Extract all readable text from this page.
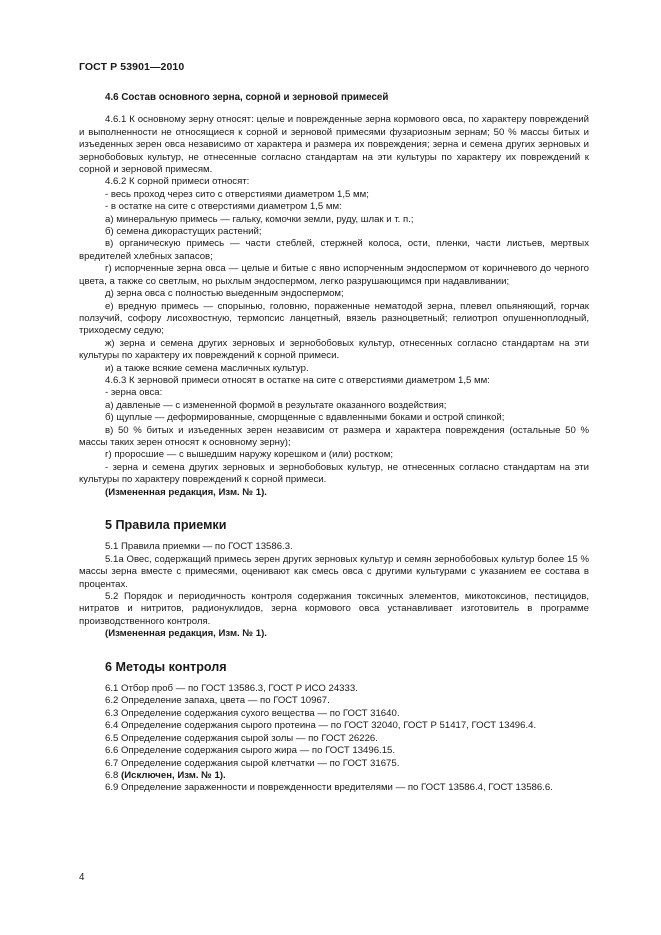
ГОСТ Р 53901—2010
4.6 Состав основного зерна, сорной и зерновой примесей

4.6.1 К основному зерну относят: целые и поврежденные зерна кормового овса, по характеру повреждений и выполненности не относящиеся к сорной и зерновой примесями фузариозным зернам; 50 % массы битых и изъеденных зерен овса независимо от характера и размера их повреждения; зерна и семена других зерновых и зернобобовых культур, не отнесенные согласно стандартам на эти культуры по характеру их повреждений к сорной и зерновой примесям.

4.6.2 К сорной примеси относят:

- весь проход через сито с отверстиями диаметром 1,5 мм;

- в остатке на сите с отверстиями диаметром 1,5 мм:

а) минеральную примесь — гальку, комочки земли, руду, шлак и т. п.;

б) семена дикорастущих растений;

в) органическую примесь — части стеблей, стержней колоса, ости, пленки, части листьев, мертвых вредителей хлебных запасов;

г) испорченные зерна овса — целые и битые с явно испорченным эндоспермом от коричневого до черного цвета, а также со светлым, но рыхлым эндоспермом, легко разрушающимся при надавливании;

д) зерна овса с полностью выеденным эндоспермом;

е) вредную примесь — спорынью, головню, пораженные нематодой зерна, плевел опьяняющий, горчак ползучий, софору лисохвостную, термопсис ланцетный, вязель разноцветный; гелиотроп опушеннoплодный, триходесму седую;

ж) зерна и семена других зерновых и зернобобовых культур, отнесенных согласно стандартам на эти культуры по характеру их повреждений к сорной примеси.

и) а также всякие семена масличных культур.

4.6.3 К зерновой примеси относят в остатке на сите с отверстиями диаметром 1,5 мм:

- зерна овса:

а) давленые — с измененной формой в результате оказанного воздействия;

б) щуплые — деформированные, сморщенные с вдавленными боками и острой спинкой;

в) 50 % битых и изъеденных зерен независим от размера и характера повреждения (остальные 50 % массы таких зерен относят к основному зерну);

г) проросшие — с вышедшим наружу корешком и (или) ростком;

- зерна и семена других зерновых и зернобобовых культур, не отнесенных согласно стандартам на эти культуры по характеру повреждений к сорной примеси.

(Измененная редакция, Изм. № 1).

5 Правила приемки

5.1 Правила приемки — по ГОСТ 13586.3.

5.1а Овес, содержащий примесь зерен других зерновых культур и семян зернобобовых культур более 15 % массы зерна вместе с примесями, оценивают как смесь овса с другими культурами с указанием ее состава в процентах.

5.2 Порядок и периодичность контроля содержания токсичных элементов, микотоксинов, пестицидов, нитратов и нитритов, радионуклидов, зерна кормового овса устанавливает изготовитель в программе производственного контроля.

(Измененная редакция, Изм. № 1).

6 Методы контроля

6.1 Отбор проб — по ГОСТ 13586.3, ГОСТ Р ИСО 24333.

6.2 Определение запаха, цвета — по ГОСТ 10967.

6.3 Определение содержания сухого вещества — по ГОСТ 31640.

6.4 Определение содержания сырого протеина — по ГОСТ 32040, ГОСТ Р 51417, ГОСТ 13496.4.

6.5 Определение содержания сырой золы — по ГОСТ 26226.

6.6 Определение содержания сырого жира — по ГОСТ 13496.15.

6.7 Определение содержания сырой клетчатки — по ГОСТ 31675.

6.8 (Исключен, Изм. № 1).

6.9 Определение зараженности и поврежденности вредителями — по ГОСТ 13586.4, ГОСТ 13586.6.

4
